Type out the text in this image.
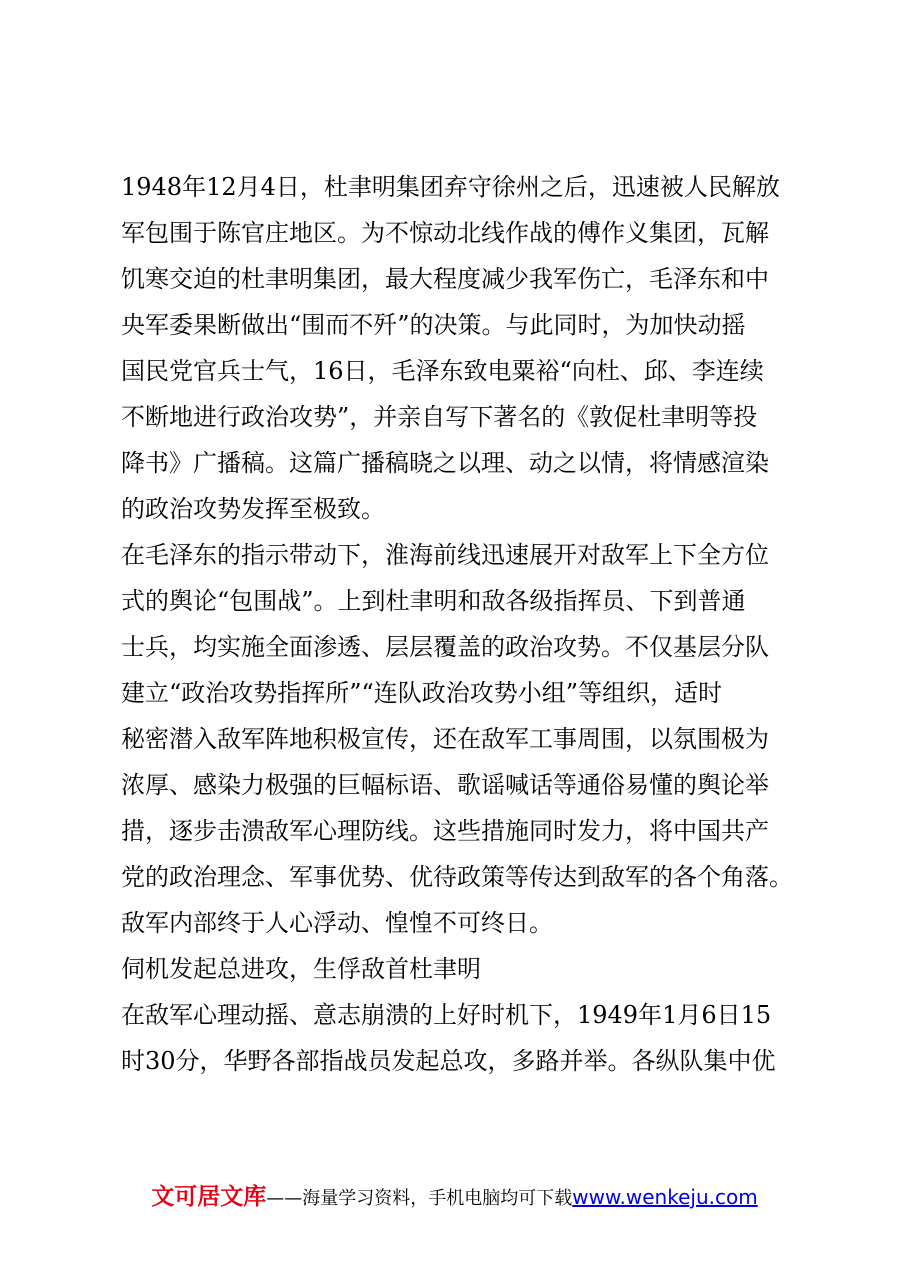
1948年12月4日，杜聿明集团弃守徐州之后，迅速被人民解放
军包围于陈官庄地区。为不惊动北线作战的傅作义集团，瓦解
饥寒交迫的杜聿明集团，最大程度减少我军伤亡，毛泽东和中
央军委果断做出“围而不歼”的决策。与此同时，为加快动摇
国民党官兵士气，16日，毛泽东致电粟裕“向杜、邱、李连续
不断地进行政治攻势”，并亲自写下著名的《敦促杜聿明等投
降书》广播稿。这篇广播稿晓之以理、动之以情，将情感渲染
的政治攻势发挥至极致。
在毛泽东的指示带动下，淮海前线迅速展开对敌军上下全方位
式的舆论“包围战”。上到杜聿明和敌各级指挥员、下到普通
士兵，均实施全面渗透、层层覆盖的政治攻势。不仅基层分队
建立“政治攻势指挥所”“连队政治攻势小组”等组织，适时
秘密潜入敌军阵地积极宣传，还在敌军工事周围，以氛围极为
浓厚、感染力极强的巨幅标语、歌谣喊话等通俗易懂的舆论举
措，逐步击溃敌军心理防线。这些措施同时发力，将中国共产
党的政治理念、军事优势、优待政策等传达到敌军的各个角落。
敌军内部终于人心浮动、惶惶不可终日。
伺机发起总进攻，生俘敌首杜聿明
在敌军心理动摇、意志崩溃的上好时机下，1949年1月6日15
时30分，华野各部指战员发起总攻，多路并举。各纵队集中优
文可居文库——海量学习资料，手机电脑均可下载www.wenkeju.com
